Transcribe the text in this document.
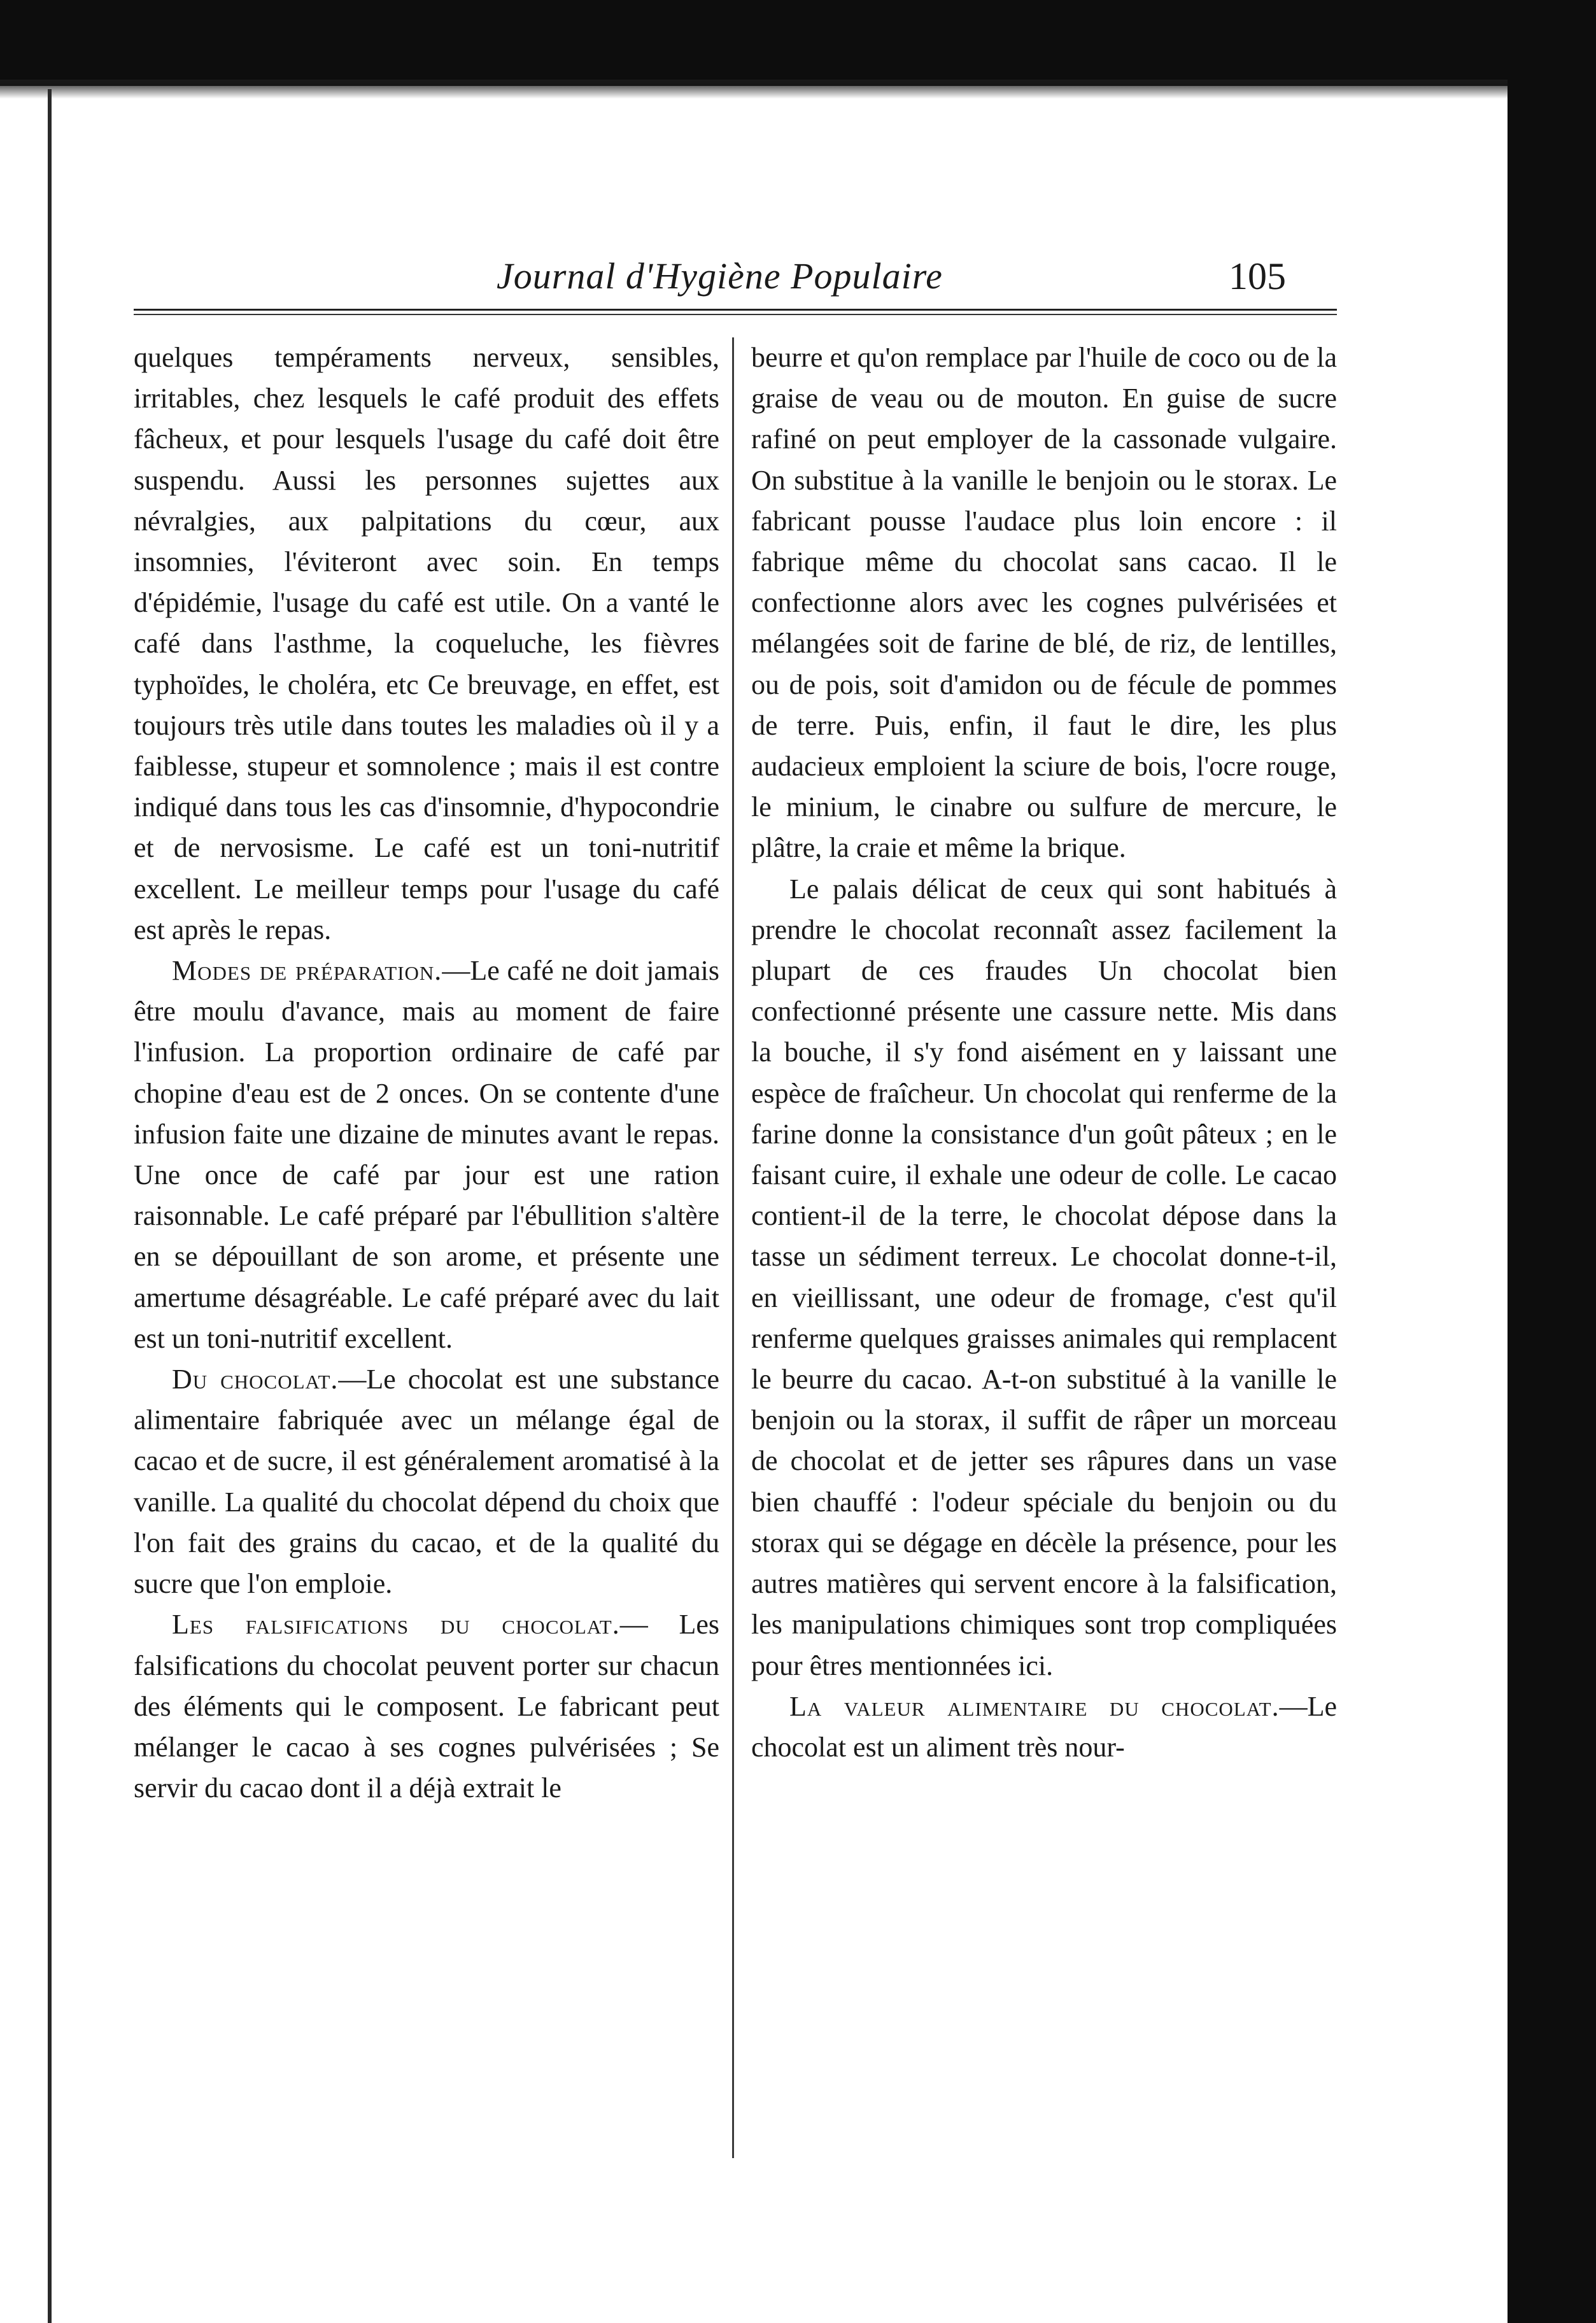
Journal d'Hygiène Populaire	105

quelques tempéraments nerveux, sensibles, irritables, chez lesquels le café produit des effets fâcheux, et pour lesquels l'usage du café doit être suspendu. Aussi les personnes sujettes aux névralgies, aux palpitations du cœur, aux insomnies, l'éviteront avec soin. En temps d'épidémie, l'usage du café est utile. On a vanté le café dans l'asthme, la coqueluche, les fièvres typhoïdes, le choléra, etc Ce breuvage, en effet, est toujours très utile dans toutes les maladies où il y a faiblesse, stupeur et somnolence ; mais il est contre indiqué dans tous les cas d'insomnie, d'hypocondrie et de nervosisme. Le café est un toni-nutritif excellent. Le meilleur temps pour l'usage du café est après le repas.

Modes de préparation.—Le café ne doit jamais être moulu d'avance, mais au moment de faire l'infusion. La proportion ordinaire de café par chopine d'eau est de 2 onces. On se contente d'une infusion faite une dizaine de minutes avant le repas. Une once de café par jour est une ration raisonnable. Le café préparé par l'ébullition s'altère en se dépouillant de son arome, et présente une amertume désagréable. Le café préparé avec du lait est un toni-nutritif excellent.

Du chocolat.—Le chocolat est une substance alimentaire fabriquée avec un mélange égal de cacao et de sucre, il est généralement aromatisé à la vanille. La qualité du chocolat dépend du choix que l'on fait des grains du cacao, et de la qualité du sucre que l'on emploie.

Les falsifications du chocolat.— Les falsifications du chocolat peuvent porter sur chacun des éléments qui le composent. Le fabricant peut mélanger le cacao à ses cognes pulvérisées ; Se servir du cacao dont il a déjà extrait le

beurre et qu'on remplace par l'huile de coco ou de la graise de veau ou de mouton. En guise de sucre rafiné on peut employer de la cassonade vulgaire. On substitue à la vanille le benjoin ou le storax. Le fabricant pousse l'audace plus loin encore : il fabrique même du chocolat sans cacao. Il le confectionne alors avec les cognes pulvérisées et mélangées soit de farine de blé, de riz, de lentilles, ou de pois, soit d'amidon ou de fécule de pommes de terre. Puis, enfin, il faut le dire, les plus audacieux emploient la sciure de bois, l'ocre rouge, le minium, le cinabre ou sulfure de mercure, le plâtre, la craie et même la brique.

Le palais délicat de ceux qui sont habitués à prendre le chocolat reconnaît assez facilement la plupart de ces fraudes Un chocolat bien confectionné présente une cassure nette. Mis dans la bouche, il s'y fond aisément en y laissant une espèce de fraîcheur. Un chocolat qui renferme de la farine donne la consistance d'un goût pâteux ; en le faisant cuire, il exhale une odeur de colle. Le cacao contient-il de la terre, le chocolat dépose dans la tasse un sédiment terreux. Le chocolat donne-t-il, en vieillissant, une odeur de fromage, c'est qu'il renferme quelques graisses animales qui remplacent le beurre du cacao. A-t-on substitué à la vanille le benjoin ou la storax, il suffit de râper un morceau de chocolat et de jetter ses râpures dans un vase bien chauffé : l'odeur spéciale du benjoin ou du storax qui se dégage en décèle la présence, pour les autres matières qui servent encore à la falsification, les manipulations chimiques sont trop compliquées pour êtres mentionnées ici.

La valeur alimentaire du chocolat.—Le chocolat est un aliment très nour-
